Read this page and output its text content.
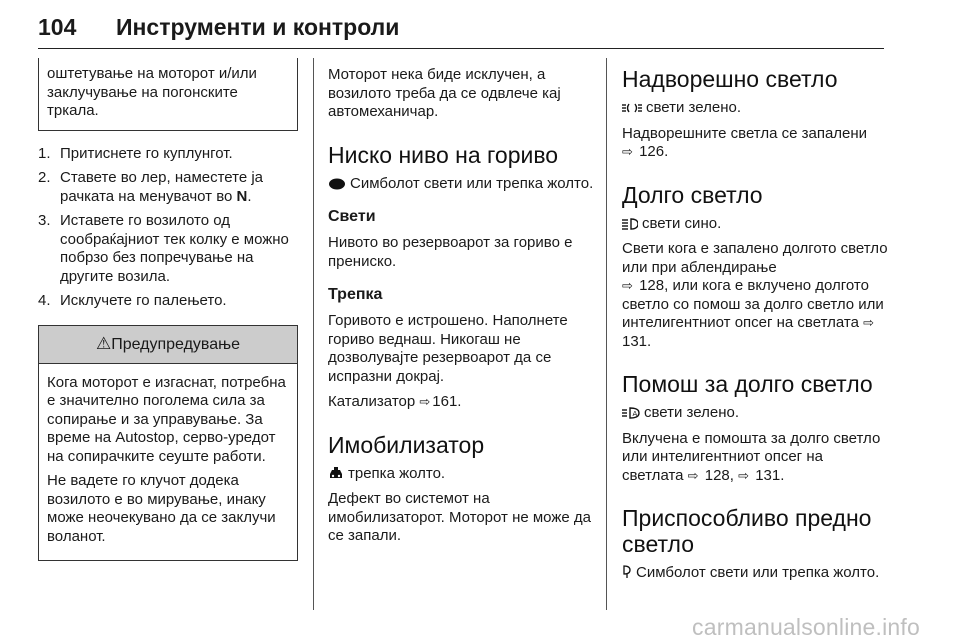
104 Инструменти и контроли

оштетување на моторот и/или заклучување на погонските тркала.

1. Притиснете го куплунгот.
2. Ставете во лер, наместете ја рачката на менувачот во N.
3. Иставете го возилото од сообраќајниот тек колку е можно побрзо без попречување на другите возила.
4. Исклучете го палењето.
⚠Предупредување

Кога моторот е изгаснат, потребна е значително поголема сила за сопирање и за управување. За време на Autostop, серво-уредот на сопирачките сеуште работи.

Не вадете го клучот додека возилото е во мирување, инаку може неочекувано да се заклучи воланот.

Моторот нека биде исклучен, а возилото треба да се одвлече кај автомеханичар.

Ниско ниво на гориво

Симболот свети или трепка жолто.

Свети

Нивото во резервоарот за гориво е прениско.

Трепка

Горивото е истрошено. Наполнете гориво веднаш. Никогаш не дозволувајте резервоарот да се испразни докрај.

Катализатор ⇨ 161.

Имобилизатор

трепка жолто.

Дефект во системот на имобилизаторот. Моторот не може да се запали.

Надворешно светло

свети зелено.

Надворешните светла се запалени
⇨ 126.

Долго светло

свети сино.

Свети кога е запалено долгото светло или при аблендирање
⇨ 128, или кога е вклучено долгото светло со помош за долго светло или интелигентниот опсег на светлата ⇨ 131.

Помош за долго светло

A свети зелено.

Вклучена е помошта за долго светло или интелигентниот опсег на светлата ⇨ 128, ⇨ 131.

Приспособливо предно светло

Симболот свети или трепка жолто.

carmanualsonline.info
